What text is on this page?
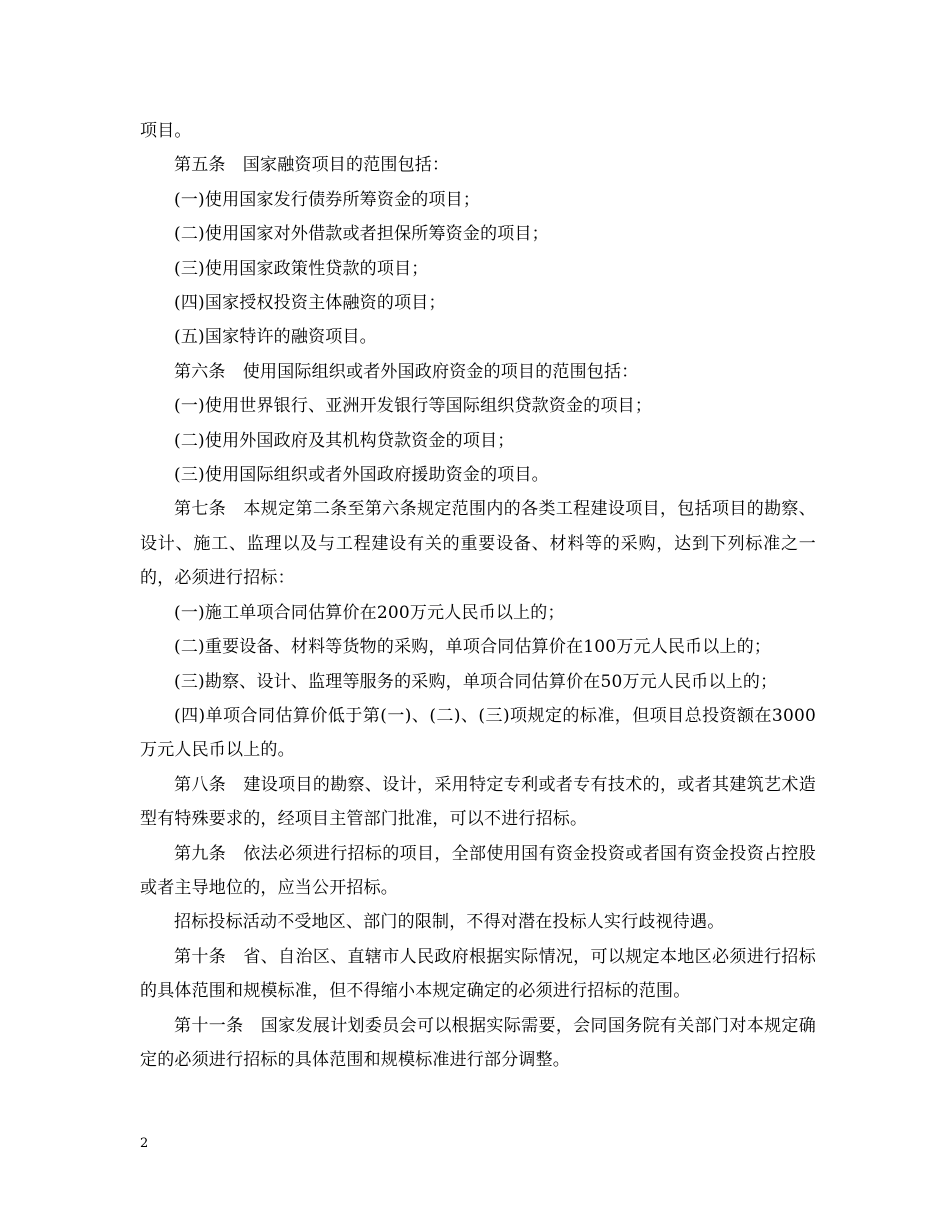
项目。

第五条　国家融资项目的范围包括：

(一)使用国家发行债券所筹资金的项目；

(二)使用国家对外借款或者担保所筹资金的项目；

(三)使用国家政策性贷款的项目；

(四)国家授权投资主体融资的项目；

(五)国家特许的融资项目。

第六条　使用国际组织或者外国政府资金的项目的范围包括：

(一)使用世界银行、亚洲开发银行等国际组织贷款资金的项目；

(二)使用外国政府及其机构贷款资金的项目；

(三)使用国际组织或者外国政府援助资金的项目。

第七条　本规定第二条至第六条规定范围内的各类工程建设项目，包括项目的勘察、设计、施工、监理以及与工程建设有关的重要设备、材料等的采购，达到下列标准之一的，必须进行招标：

(一)施工单项合同估算价在200万元人民币以上的；

(二)重要设备、材料等货物的采购，单项合同估算价在100万元人民币以上的；

(三)勘察、设计、监理等服务的采购，单项合同估算价在50万元人民币以上的；

(四)单项合同估算价低于第(一)、(二)、(三)项规定的标准，但项目总投资额在3000万元人民币以上的。

第八条　建设项目的勘察、设计，采用特定专利或者专有技术的，或者其建筑艺术造型有特殊要求的，经项目主管部门批准，可以不进行招标。

第九条　依法必须进行招标的项目，全部使用国有资金投资或者国有资金投资占控股或者主导地位的，应当公开招标。

招标投标活动不受地区、部门的限制，不得对潜在投标人实行歧视待遇。

第十条　省、自治区、直辖市人民政府根据实际情况，可以规定本地区必须进行招标的具体范围和规模标准，但不得缩小本规定确定的必须进行招标的范围。

第十一条　国家发展计划委员会可以根据实际需要，会同国务院有关部门对本规定确定的必须进行招标的具体范围和规模标准进行部分调整。

2
